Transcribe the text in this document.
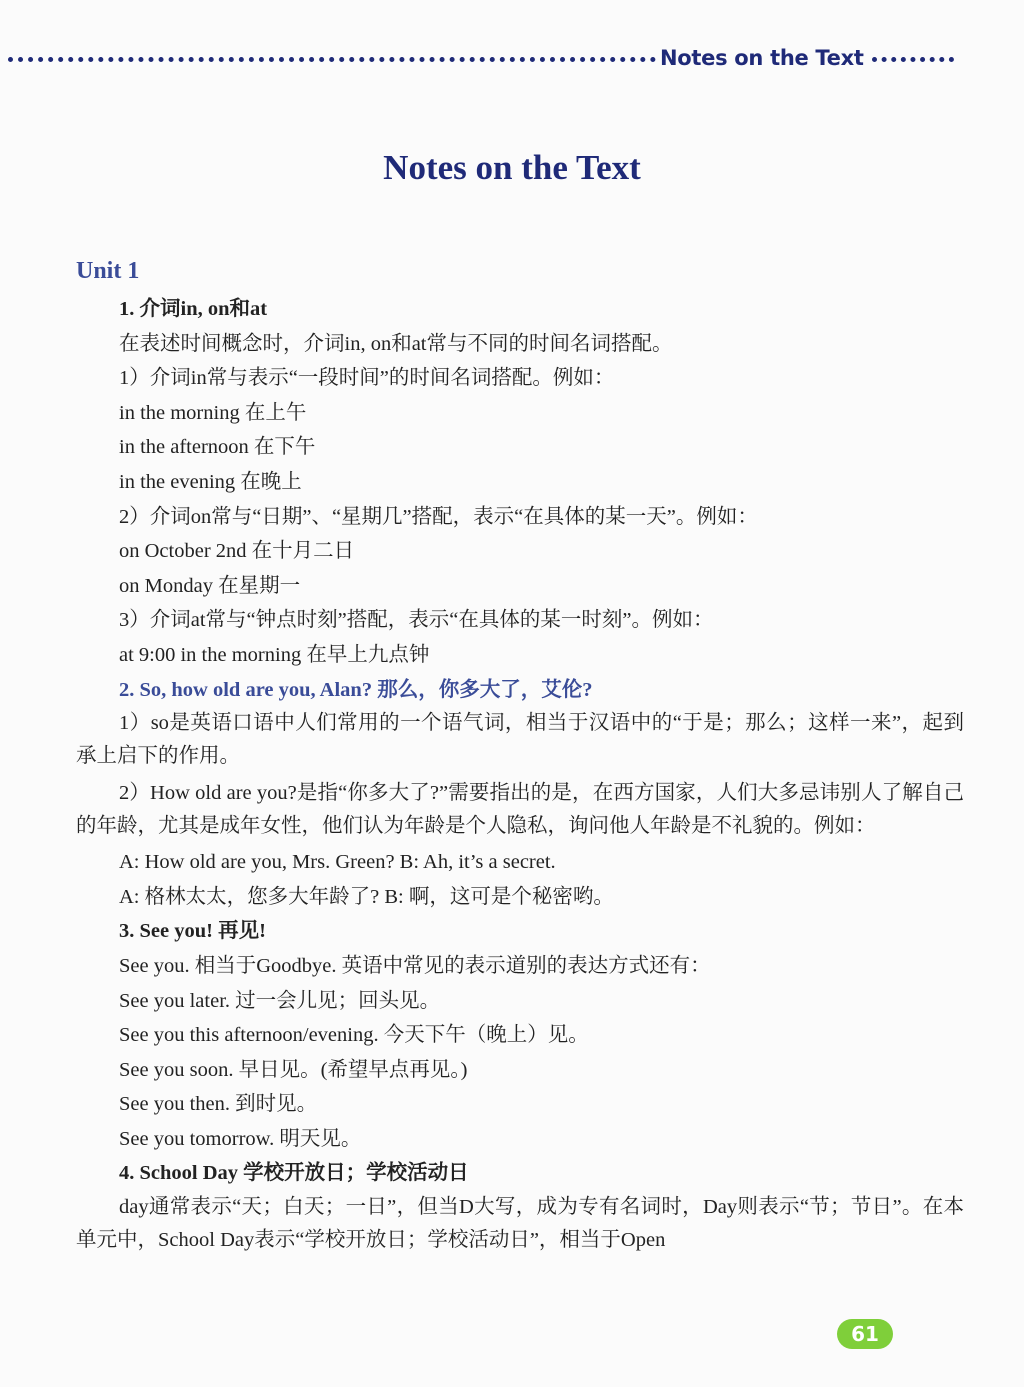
Notes on the Text
Notes on the Text
Unit 1
1. 介词in, on和at
在表述时间概念时，介词in, on和at常与不同的时间名词搭配。
1）介词in常与表示“一段时间”的时间名词搭配。例如：
in the morning 在上午
in the afternoon 在下午
in the evening 在晚上
2）介词on常与“日期”、“星期几”搭配，表示“在具体的某一天”。例如：
on October 2nd 在十月二日
on Monday 在星期一
3）介词at常与“钟点时刻”搭配，表示“在具体的某一时刻”。例如：
at 9:00 in the morning 在早上九点钟
2. So, how old are you, Alan? 那么，你多大了，艾伦?
1）so是英语口语中人们常用的一个语气词，相当于汉语中的“于是；那么；这样一来”，起到承上启下的作用。
2）How old are you?是指“你多大了?”需要指出的是，在西方国家，人们大多忌讳别人了解自己的年龄，尤其是成年女性，他们认为年龄是个人隐私，询问他人年龄是不礼貌的。例如：
A: How old are you, Mrs. Green? B: Ah, it’s a secret.
A: 格林太太，您多大年龄了? B: 啊，这可是个秘密哟。
3. See you! 再见!
See you. 相当于Goodbye. 英语中常见的表示道别的表达方式还有：
See you later. 过一会儿见；回头见。
See you this afternoon/evening. 今天下午（晚上）见。
See you soon. 早日见。(希望早点再见。)
See you then. 到时见。
See you tomorrow. 明天见。
4. School Day 学校开放日；学校活动日
day通常表示“天；白天；一日”，但当D大写，成为专有名词时，Day则表示“节；节日”。在本单元中，School Day表示“学校开放日；学校活动日”，相当于Open
61
